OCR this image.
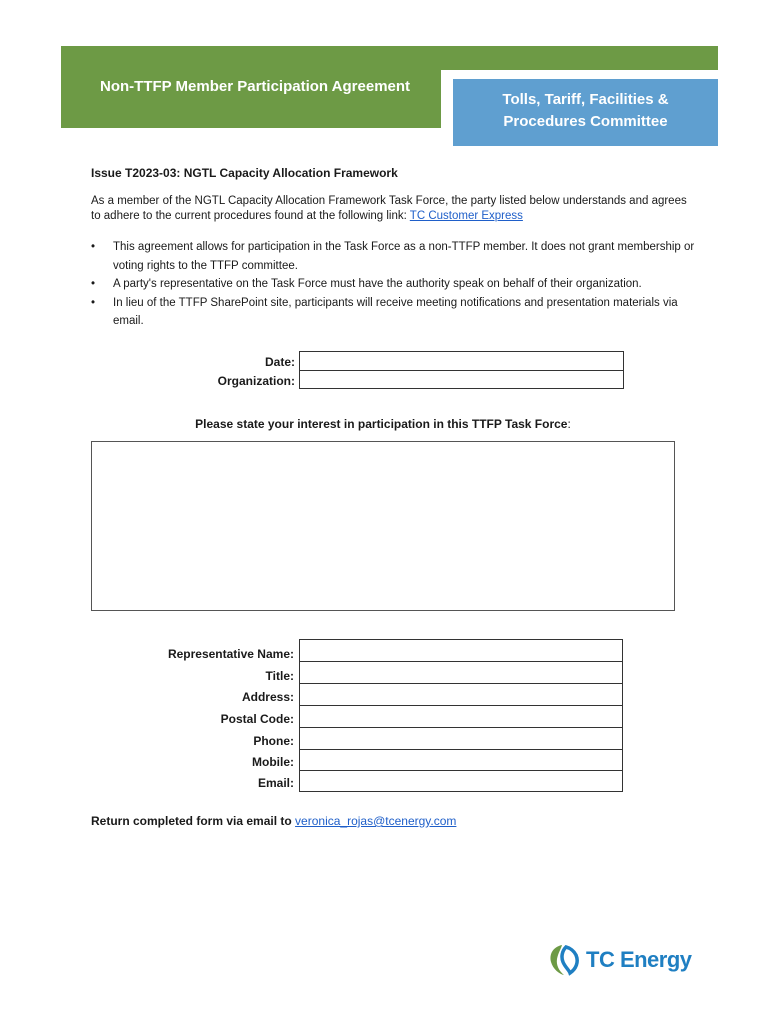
Non-TTFP Member Participation Agreement
Tolls, Tariff, Facilities &
Procedures Committee
Issue T2023-03: NGTL Capacity Allocation Framework
As a member of the NGTL Capacity Allocation Framework Task Force, the party listed below understands and agrees to adhere to the current procedures found at the following link: TC Customer Express
• This agreement allows for participation in the Task Force as a non-TTFP member. It does not grant membership or voting rights to the TTFP committee.
• A party's representative on the Task Force must have the authority speak on behalf of their organization.
• In lieu of the TTFP SharePoint site, participants will receive meeting notifications and presentation materials via email.
Date:
Organization:
Please state your interest in participation in this TTFP Task Force:
Representative Name:
Title:
Address:
Postal Code:
Phone:
Mobile:
Email:
Return completed form via email to veronica_rojas@tcenergy.com
TC Energy
